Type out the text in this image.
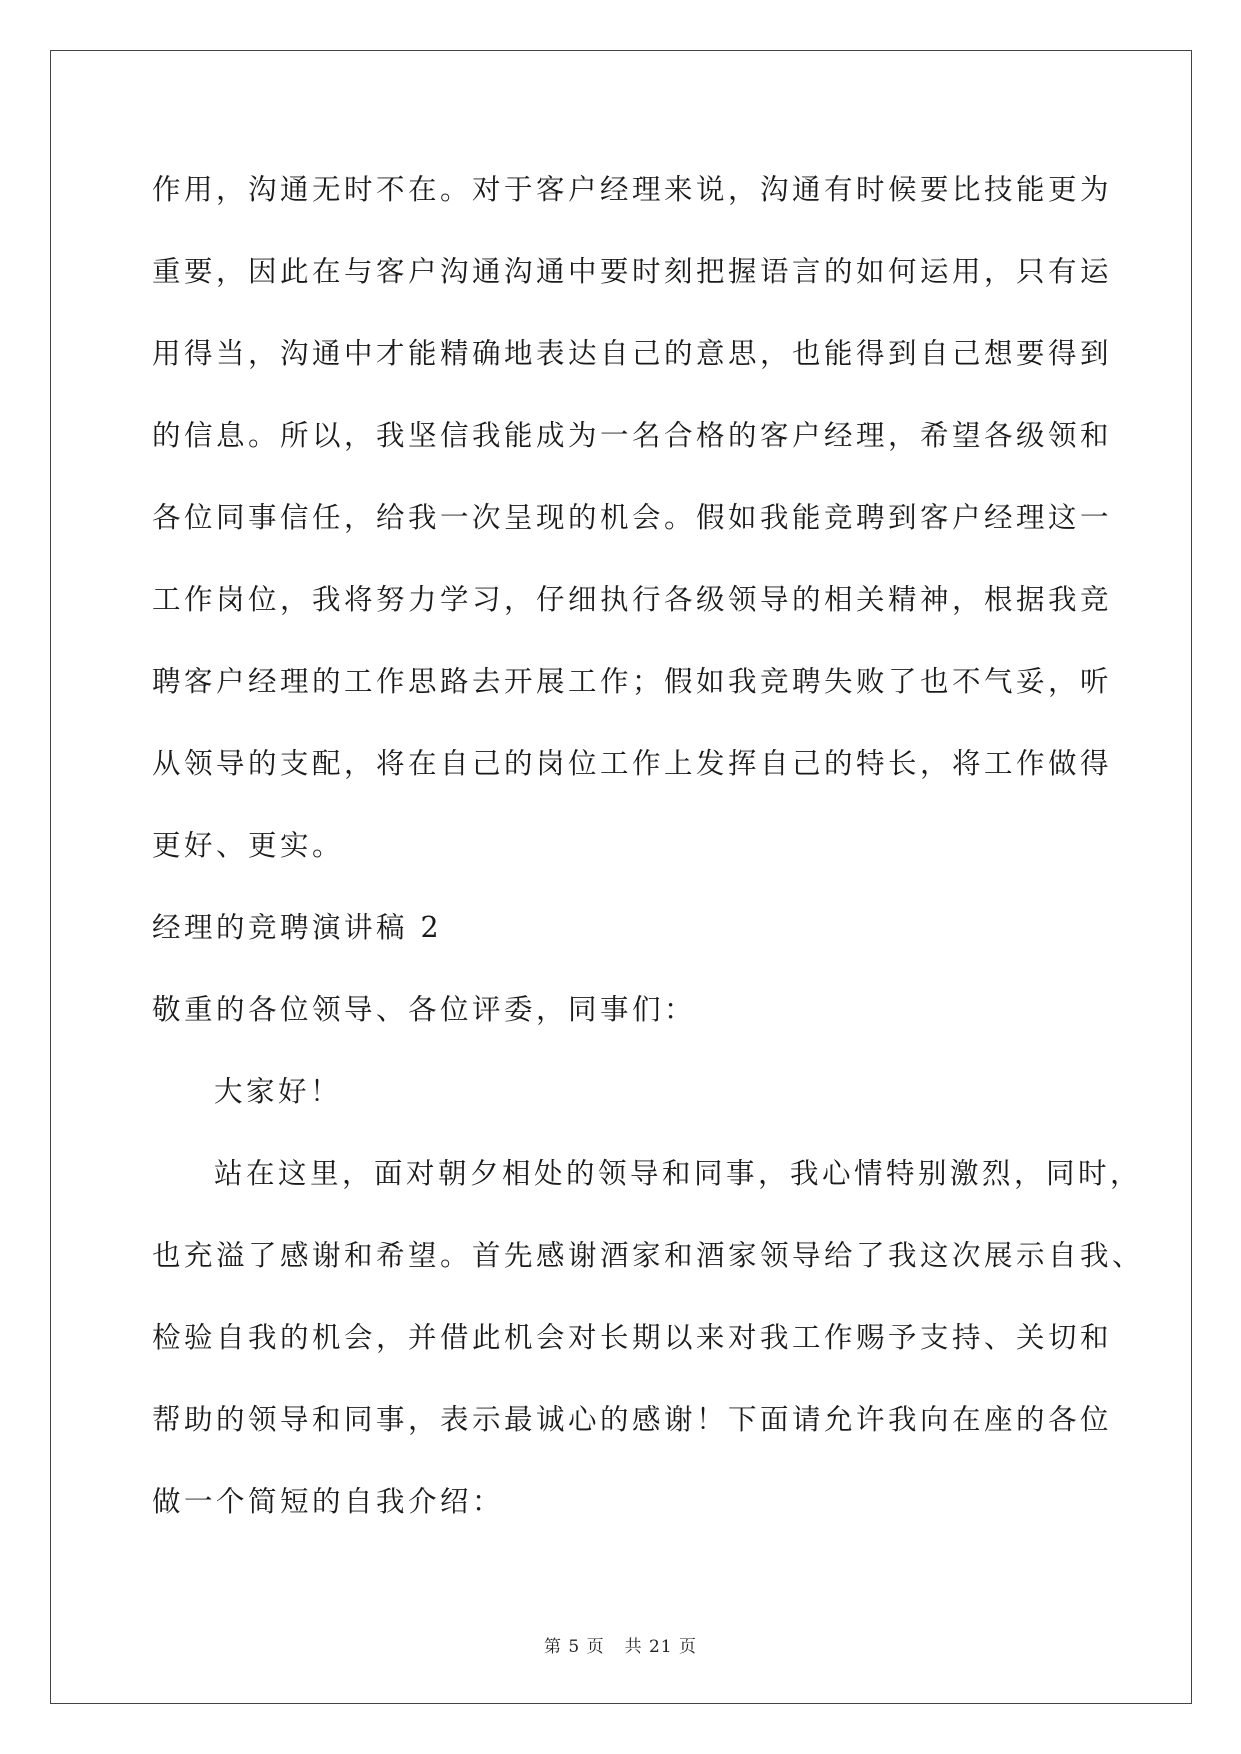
作用，沟通无时不在。对于客户经理来说，沟通有时候要比技能更为
重要，因此在与客户沟通沟通中要时刻把握语言的如何运用，只有运
用得当，沟通中才能精确地表达自己的意思，也能得到自己想要得到
的信息。所以，我坚信我能成为一名合格的客户经理，希望各级领和
各位同事信任，给我一次呈现的机会。假如我能竞聘到客户经理这一
工作岗位，我将努力学习，仔细执行各级领导的相关精神，根据我竞
聘客户经理的工作思路去开展工作；假如我竞聘失败了也不气妥，听
从领导的支配，将在自己的岗位工作上发挥自己的特长，将工作做得
更好、更实。
经理的竞聘演讲稿 2
敬重的各位领导、各位评委，同事们：
大家好！
站在这里，面对朝夕相处的领导和同事，我心情特别激烈，同时，
也充溢了感谢和希望。首先感谢酒家和酒家领导给了我这次展示自我、
检验自我的机会，并借此机会对长期以来对我工作赐予支持、关切和
帮助的领导和同事，表示最诚心的感谢！下面请允许我向在座的各位
做一个简短的自我介绍：
第 5 页 共 21 页
